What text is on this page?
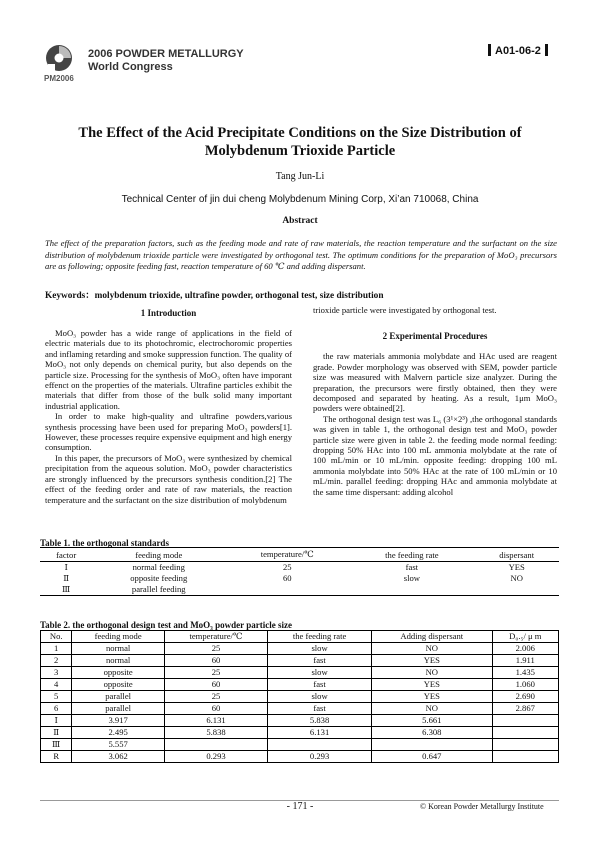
PM2006
2006 POWDER METALLURGY
World Congress
A01-06-2
The Effect of the Acid Precipitate Conditions on the Size Distribution of
Molybdenum Trioxide Particle
Tang Jun-Li
Technical Center of jin dui cheng Molybdenum Mining Corp, Xi’an 710068, China
Abstract
The effect of the preparation factors, such as the feeding mode and rate of raw materials, the reaction temperature and the surfactant on the size distribution of molybdenum trioxide particle were investigated by orthogonal test. The optimum conditions for the preparation of MoO₃ precursors are as following; opposite feeding fast, reaction temperature of 60 ℃ and adding dispersant.
Keywords：molybdenum trioxide, ultrafine powder, orthogonal test, size distribution
1 Introduction

MoO₃ powder has a wide range of applications in the field of electric materials due to its photochromic, electrochoromic properties and inflaming retarding and smoke suppression function. The quality of MoO₃ not only depends on chemical purity, but also depends on the particle size. Processing for the synthesis of MoO₃ often have imporant effenct on the properties of the materials. Ultrafine particles exhibit the materials that differ from those of the bulk solid many important industrial application.

In order to make high-quality and ultrafine powders,various synthesis processing have been used for preparing MoO₃ powders[1]. However, these processes require expensive equipment and high energy consumption.

In this paper, the precursors of MoO₃ were synthesized by chemical precipitation from the aqueous solution. MoO₃ powder characteristics are strongly influenced by the precursors synthesis condition.[2] The effect of the feeding order and rate of raw materials, the reaction temperature and the surfactant on the size distribution of molybdenum

trioxide particle were investigated by orthogonal test.

2 Experimental Procedures

the raw materials ammonia molybdate and HAc used are reagent grade. Powder morphology was observed with SEM, powder particle size was measured with Malvern particle size analyzer. During the preparation, the precursors were firstly obtained, then they were decomposed and separated by heating. As a result, 1μm MoO₃ powders were obtained[2].

The orthogonal design test was L₆ (3¹×2³) ,the orthogonal standards was given in table 1, the orthogonal design test and MoO₃ powder particle size were given in table 2. the feeding mode normal feeding: dropping 50% HAc into 100 mL ammonia molybdate at the rate of 100 mL/min or 10 mL/min. opposite feeding: dropping 100 mL ammonia molybdate into 50% HAc at the rate of 100 mL/min or 10 mL/min. parallel feeding: dropping HAc and ammonia molybdate at the same time dispersant: adding alcohol

Table 1. the orthogonal standards
factor	feeding mode	temperature/℃	the feeding rate	dispersant
Ⅰ	normal feeding	25	fast	YES
Ⅱ	opposite feeding	60	slow	NO
Ⅲ	parallel feeding			
Table 2. the orthogonal design test and MoO₃ powder particle size
No.	feeding mode	temperature/℃	the feeding rate	Adding dispersant	D₀.₅/ μ m
1	normal	25	slow	NO	2.006
2	normal	60	fast	YES	1.911
3	opposite	25	slow	NO	1.435
4	opposite	60	fast	YES	1.060
5	parallel	25	slow	YES	2.690
6	parallel	60	fast	NO	2.867
Ⅰ	3.917	6.131	5.838	5.661	
Ⅱ	2.495	5.838	6.131	6.308	
Ⅲ	5.557				
R	3.062	0.293	0.293	0.647	
- 171 -	© Korean Powder Metallurgy Institute
